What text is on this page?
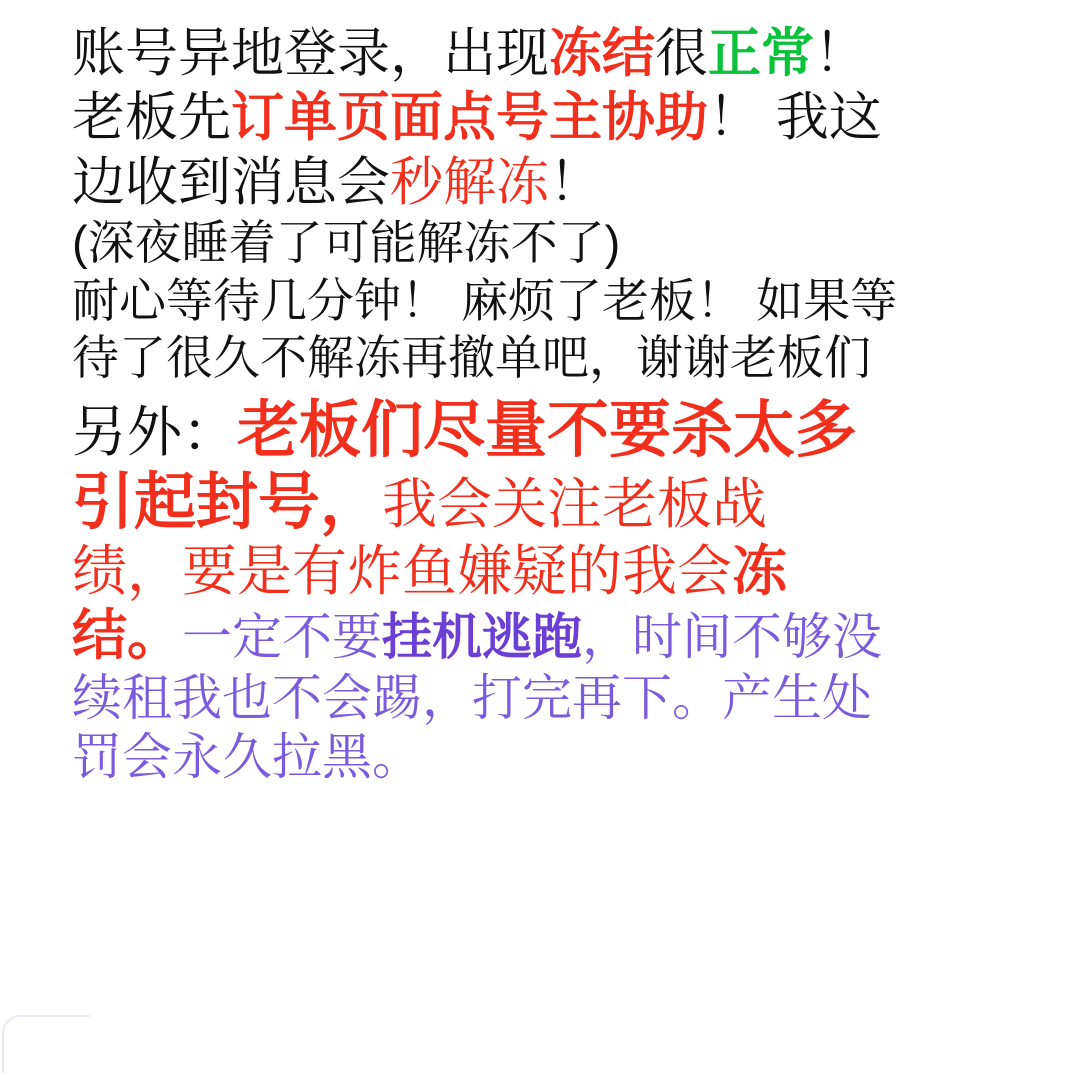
账号异地登录，出现冻结很正常！
老板先订单页面点号主协助！ 我这
边收到消息会秒解冻！
(深夜睡着了可能解冻不了)
耐心等待几分钟！ 麻烦了老板！ 如果等
待了很久不解冻再撤单吧，谢谢老板们
另外：老板们尽量不要杀太多
引起封号，我会关注老板战
绩，要是有炸鱼嫌疑的我会冻
结。一定不要挂机逃跑，时间不够没
续租我也不会踢，打完再下。产生处
罚会永久拉黑。
